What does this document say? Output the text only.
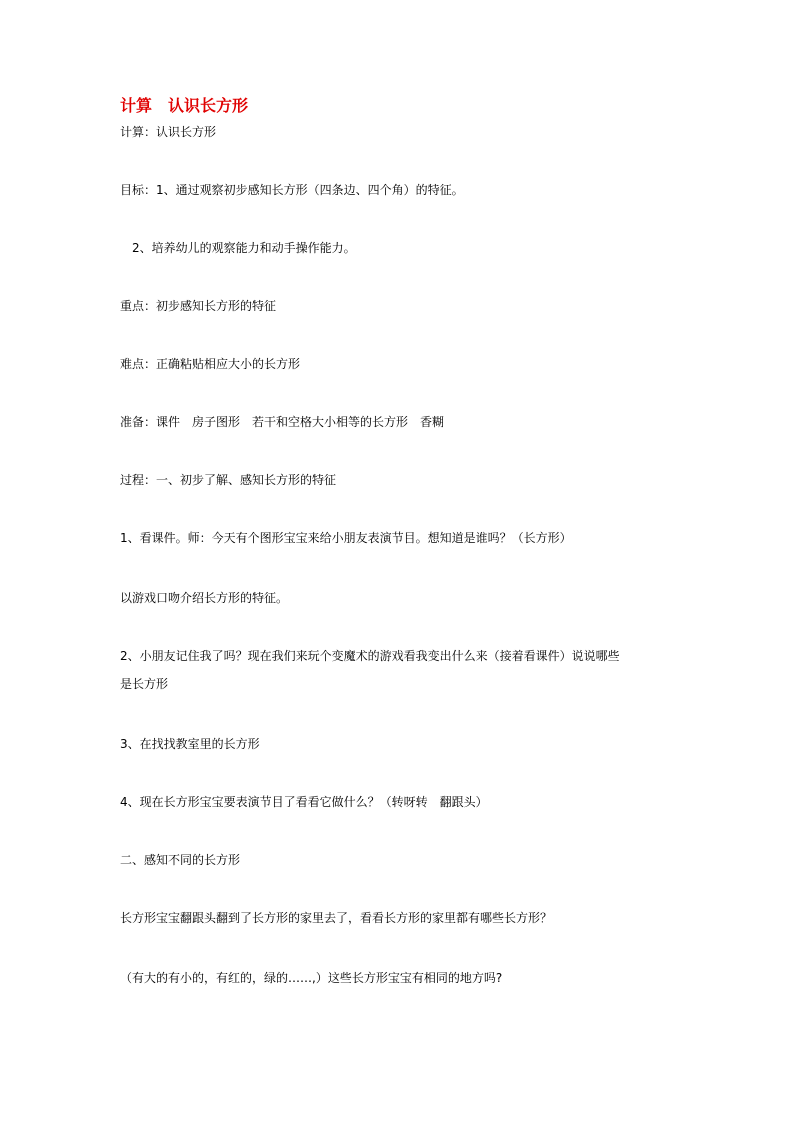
计算　认识长方形
计算：认识长方形
目标：1、通过观察初步感知长方形（四条边、四个角）的特征。
　2、培养幼儿的观察能力和动手操作能力。
重点：初步感知长方形的特征
难点：正确粘贴相应大小的长方形
准备：课件　房子图形　若干和空格大小相等的长方形　香糊
过程：一、初步了解、感知长方形的特征
1、看课件。师：今天有个图形宝宝来给小朋友表演节目。想知道是谁吗？（长方形）
以游戏口吻介绍长方形的特征。
2、小朋友记住我了吗？现在我们来玩个变魔术的游戏看我变出什么来（接着看课件）说说哪些
是长方形
3、在找找教室里的长方形
4、现在长方形宝宝要表演节目了看看它做什么？（转呀转　翻跟头）
二、感知不同的长方形
长方形宝宝翻跟头翻到了长方形的家里去了，看看长方形的家里都有哪些长方形？
（有大的有小的，有红的，绿的……,）这些长方形宝宝有相同的地方吗?
